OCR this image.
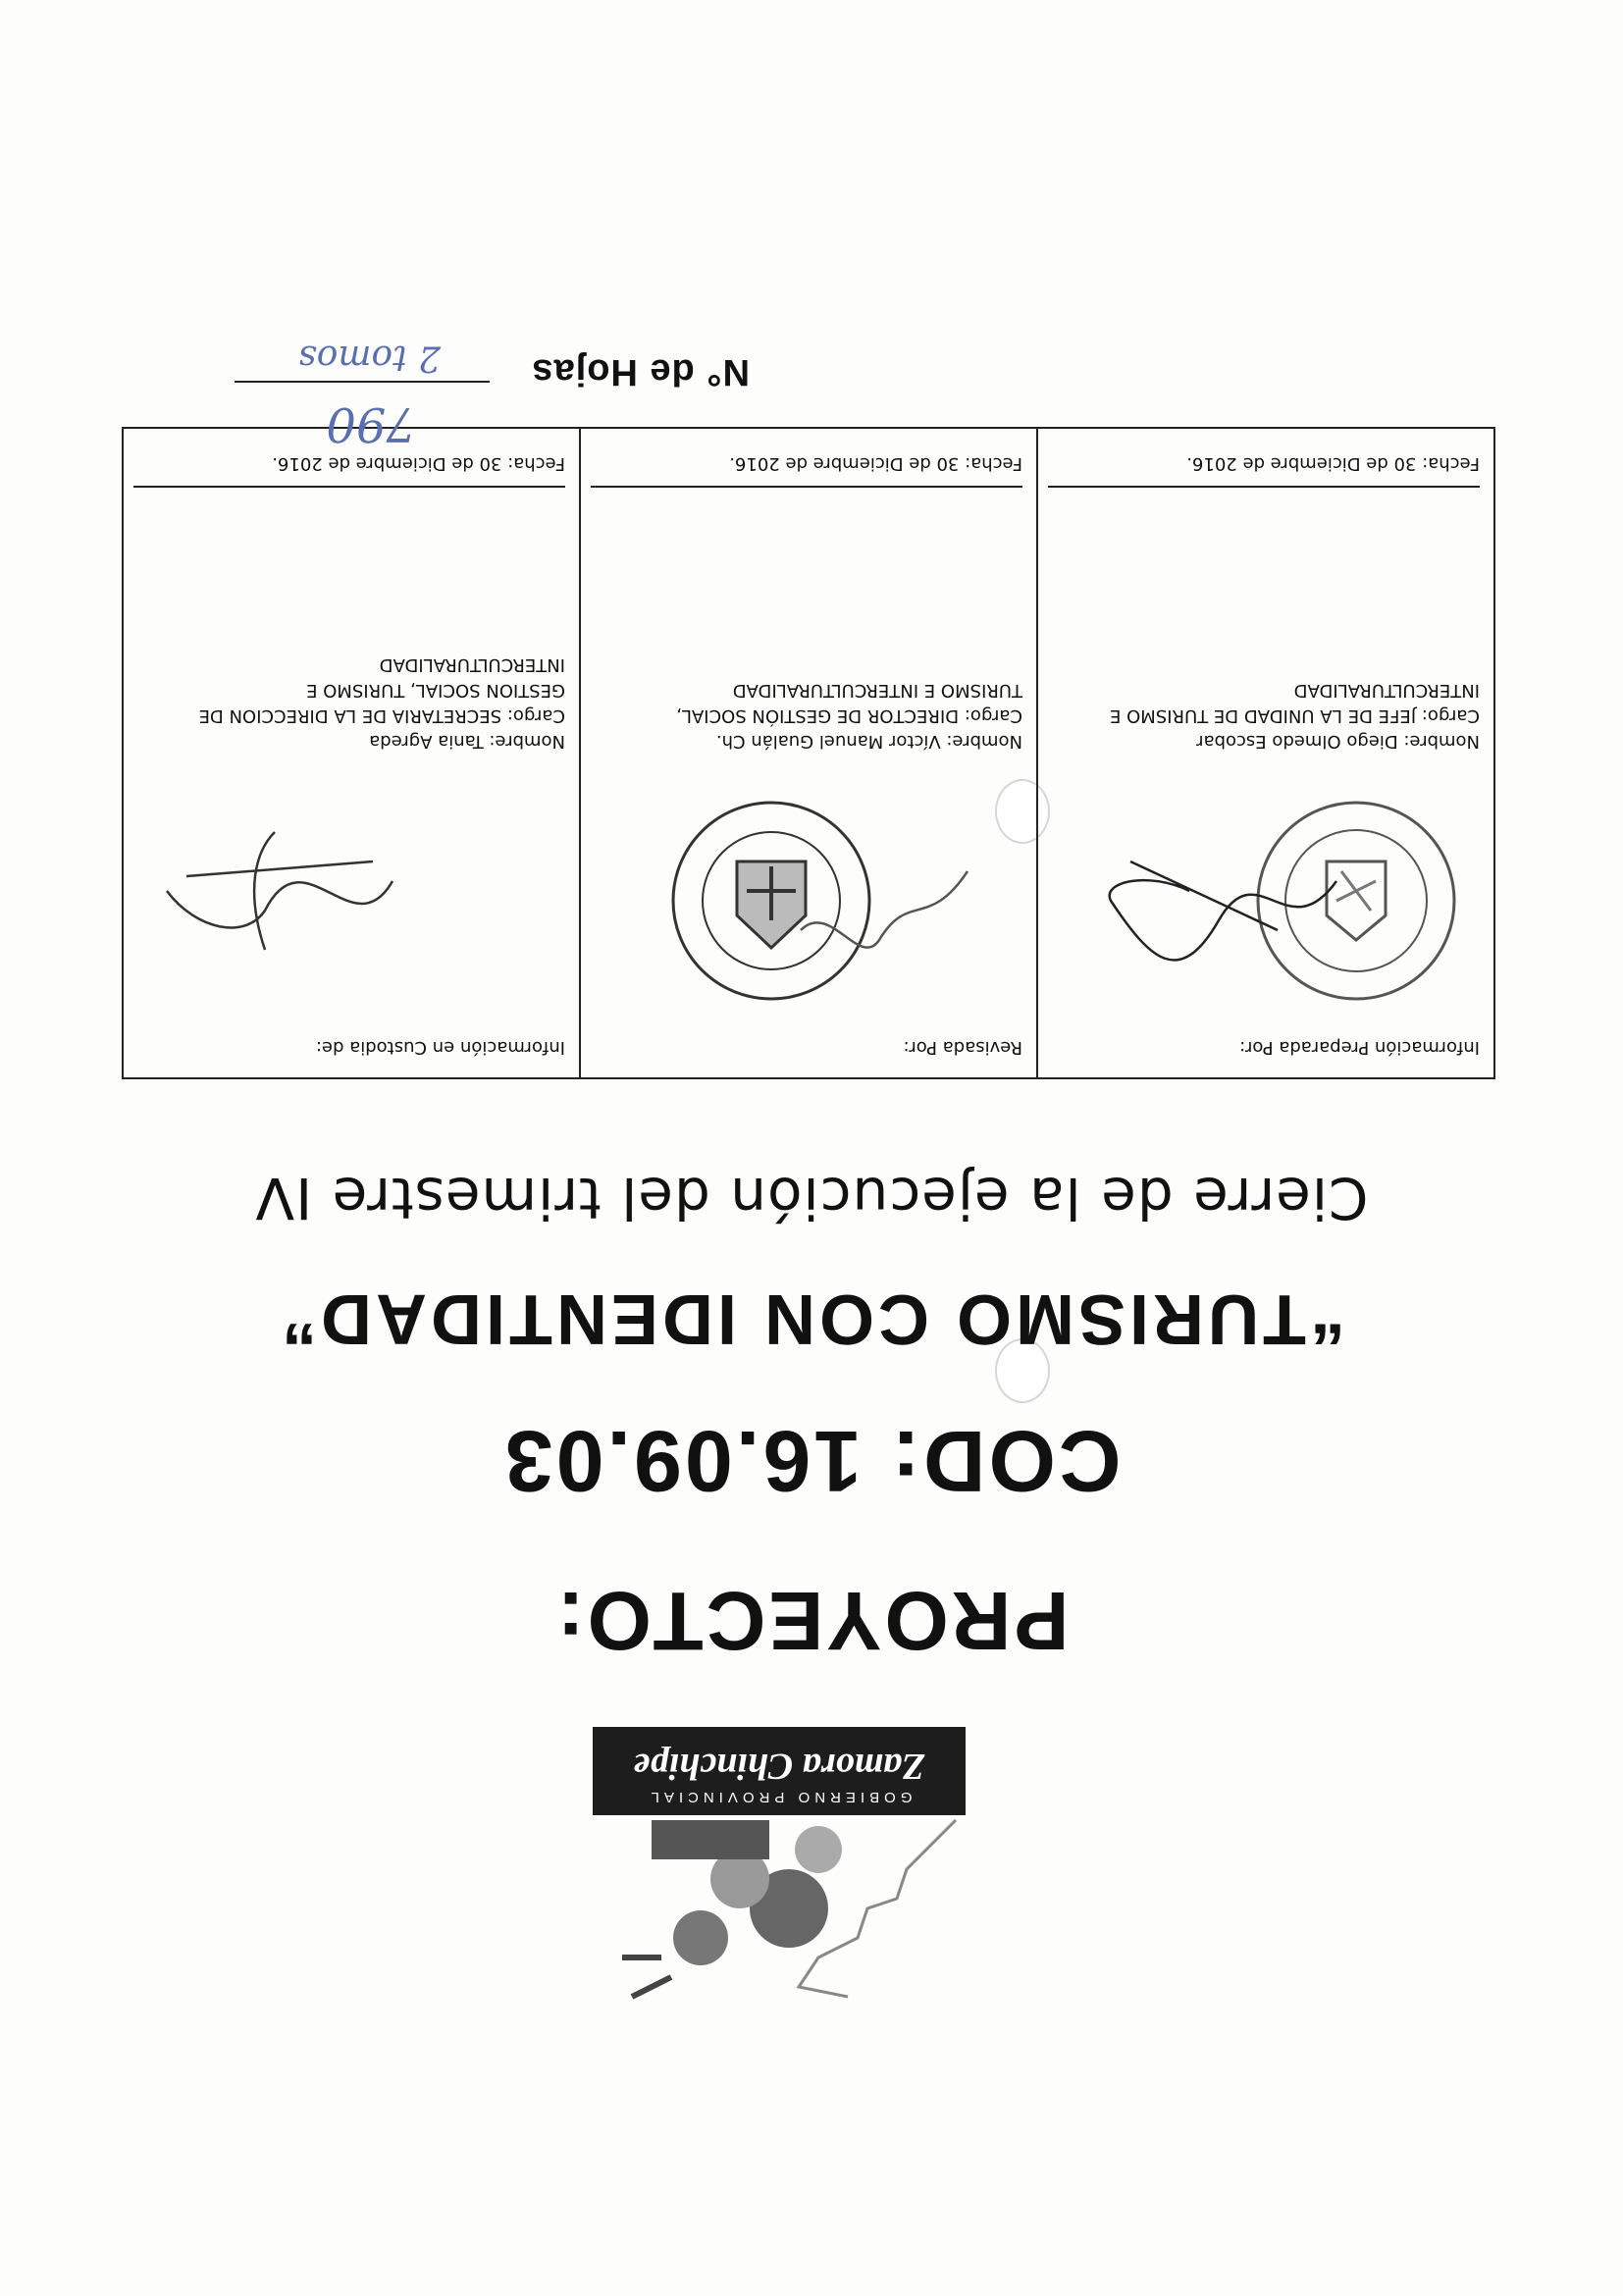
GOBIERNO PROVINCIAL
Zamora Chinchipe
PROYECTO:
COD: 16.09.03
“TURISMO CON IDENTIDAD”
Cierre de la ejecución del trimestre IV
Información Preparada Por:
Nombre: Diego Olmedo Escobar
Cargo: JEFE DE LA UNIDAD DE TURISMO E INTERCULTURALIDAD
Fecha: 30 de Diciembre de 2016.
Revisada Por:
Nombre: Víctor Manuel Gualán Ch.
Cargo: DIRECTOR DE GESTIÓN SOCIAL, TURISMO E INTERCULTURALIDAD
Fecha: 30 de Diciembre de 2016.
Información en Custodia de:
Nombre: Tania Agreda
Cargo: SECRETARIA DE LA DIRECCION DE GESTION SOCIAL, TURISMO E INTERCULTURALIDAD
Fecha: 30 de Diciembre de 2016.
N° de Hojas
790
2 tomos
